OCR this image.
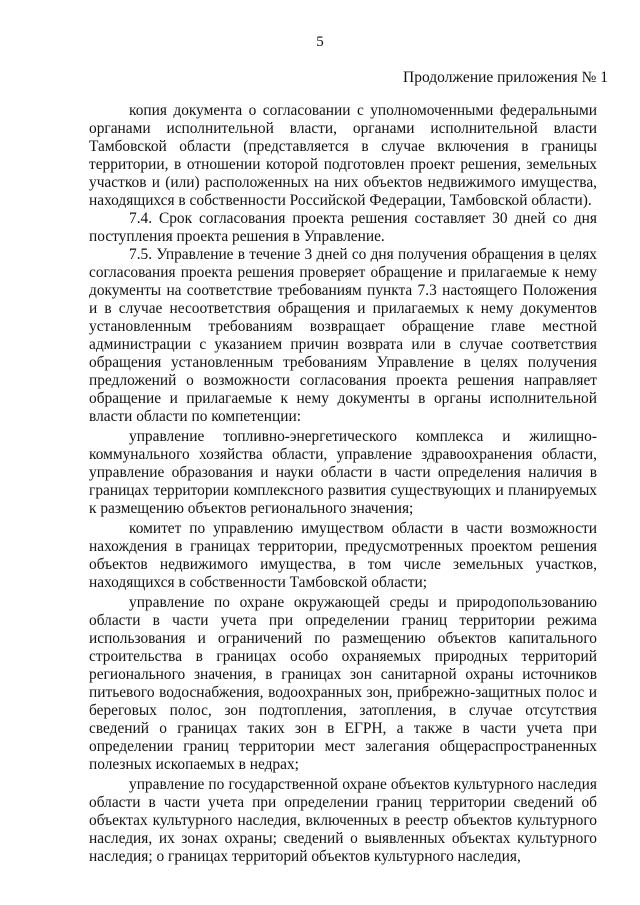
5
Продолжение приложения № 1

копия документа о согласовании с уполномоченными федеральными органами исполнительной власти, органами исполнительной власти Тамбовской области (представляется в случае включения в границы территории, в отношении которой подготовлен проект решения, земельных участков и (или) расположенных на них объектов недвижимого имущества, находящихся в собственности Российской Федерации, Тамбовской области).

7.4. Срок согласования проекта решения составляет 30 дней со дня поступления проекта решения в Управление.

7.5. Управление в течение 3 дней со дня получения обращения в целях согласования проекта решения проверяет обращение и прилагаемые к нему документы на соответствие требованиям пункта 7.3 настоящего Положения и в случае несоответствия обращения и прилагаемых к нему документов установленным требованиям возвращает обращение главе местной администрации с указанием причин возврата или в случае соответствия обращения установленным требованиям Управление в целях получения предложений о возможности согласования проекта решения направляет обращение и прилагаемые к нему документы в органы исполнительной власти области по компетенции:

управление топливно-энергетического комплекса и жилищно-коммунального хозяйства области, управление здравоохранения области, управление образования и науки области в части определения наличия в границах территории комплексного развития существующих и планируемых к размещению объектов регионального значения;

комитет по управлению имуществом области в части возможности нахождения в границах территории, предусмотренных проектом решения объектов недвижимого имущества, в том числе земельных участков, находящихся в собственности Тамбовской области;

управление по охране окружающей среды и природопользованию области в части учета при определении границ территории режима использования и ограничений по размещению объектов капитального строительства в границах особо охраняемых природных территорий регионального значения, в границах зон санитарной охраны источников питьевого водоснабжения, водоохранных зон, прибрежно-защитных полос и береговых полос, зон подтопления, затопления, в случае отсутствия сведений о границах таких зон в ЕГРН, а также в части учета при определении границ территории мест залегания общераспространенных полезных ископаемых в недрах;

управление по государственной охране объектов культурного наследия области в части учета при определении границ территории сведений об объектах культурного наследия, включенных в реестр объектов культурного наследия, их зонах охраны; сведений о выявленных объектах культурного наследия; о границах территорий объектов культурного наследия,
